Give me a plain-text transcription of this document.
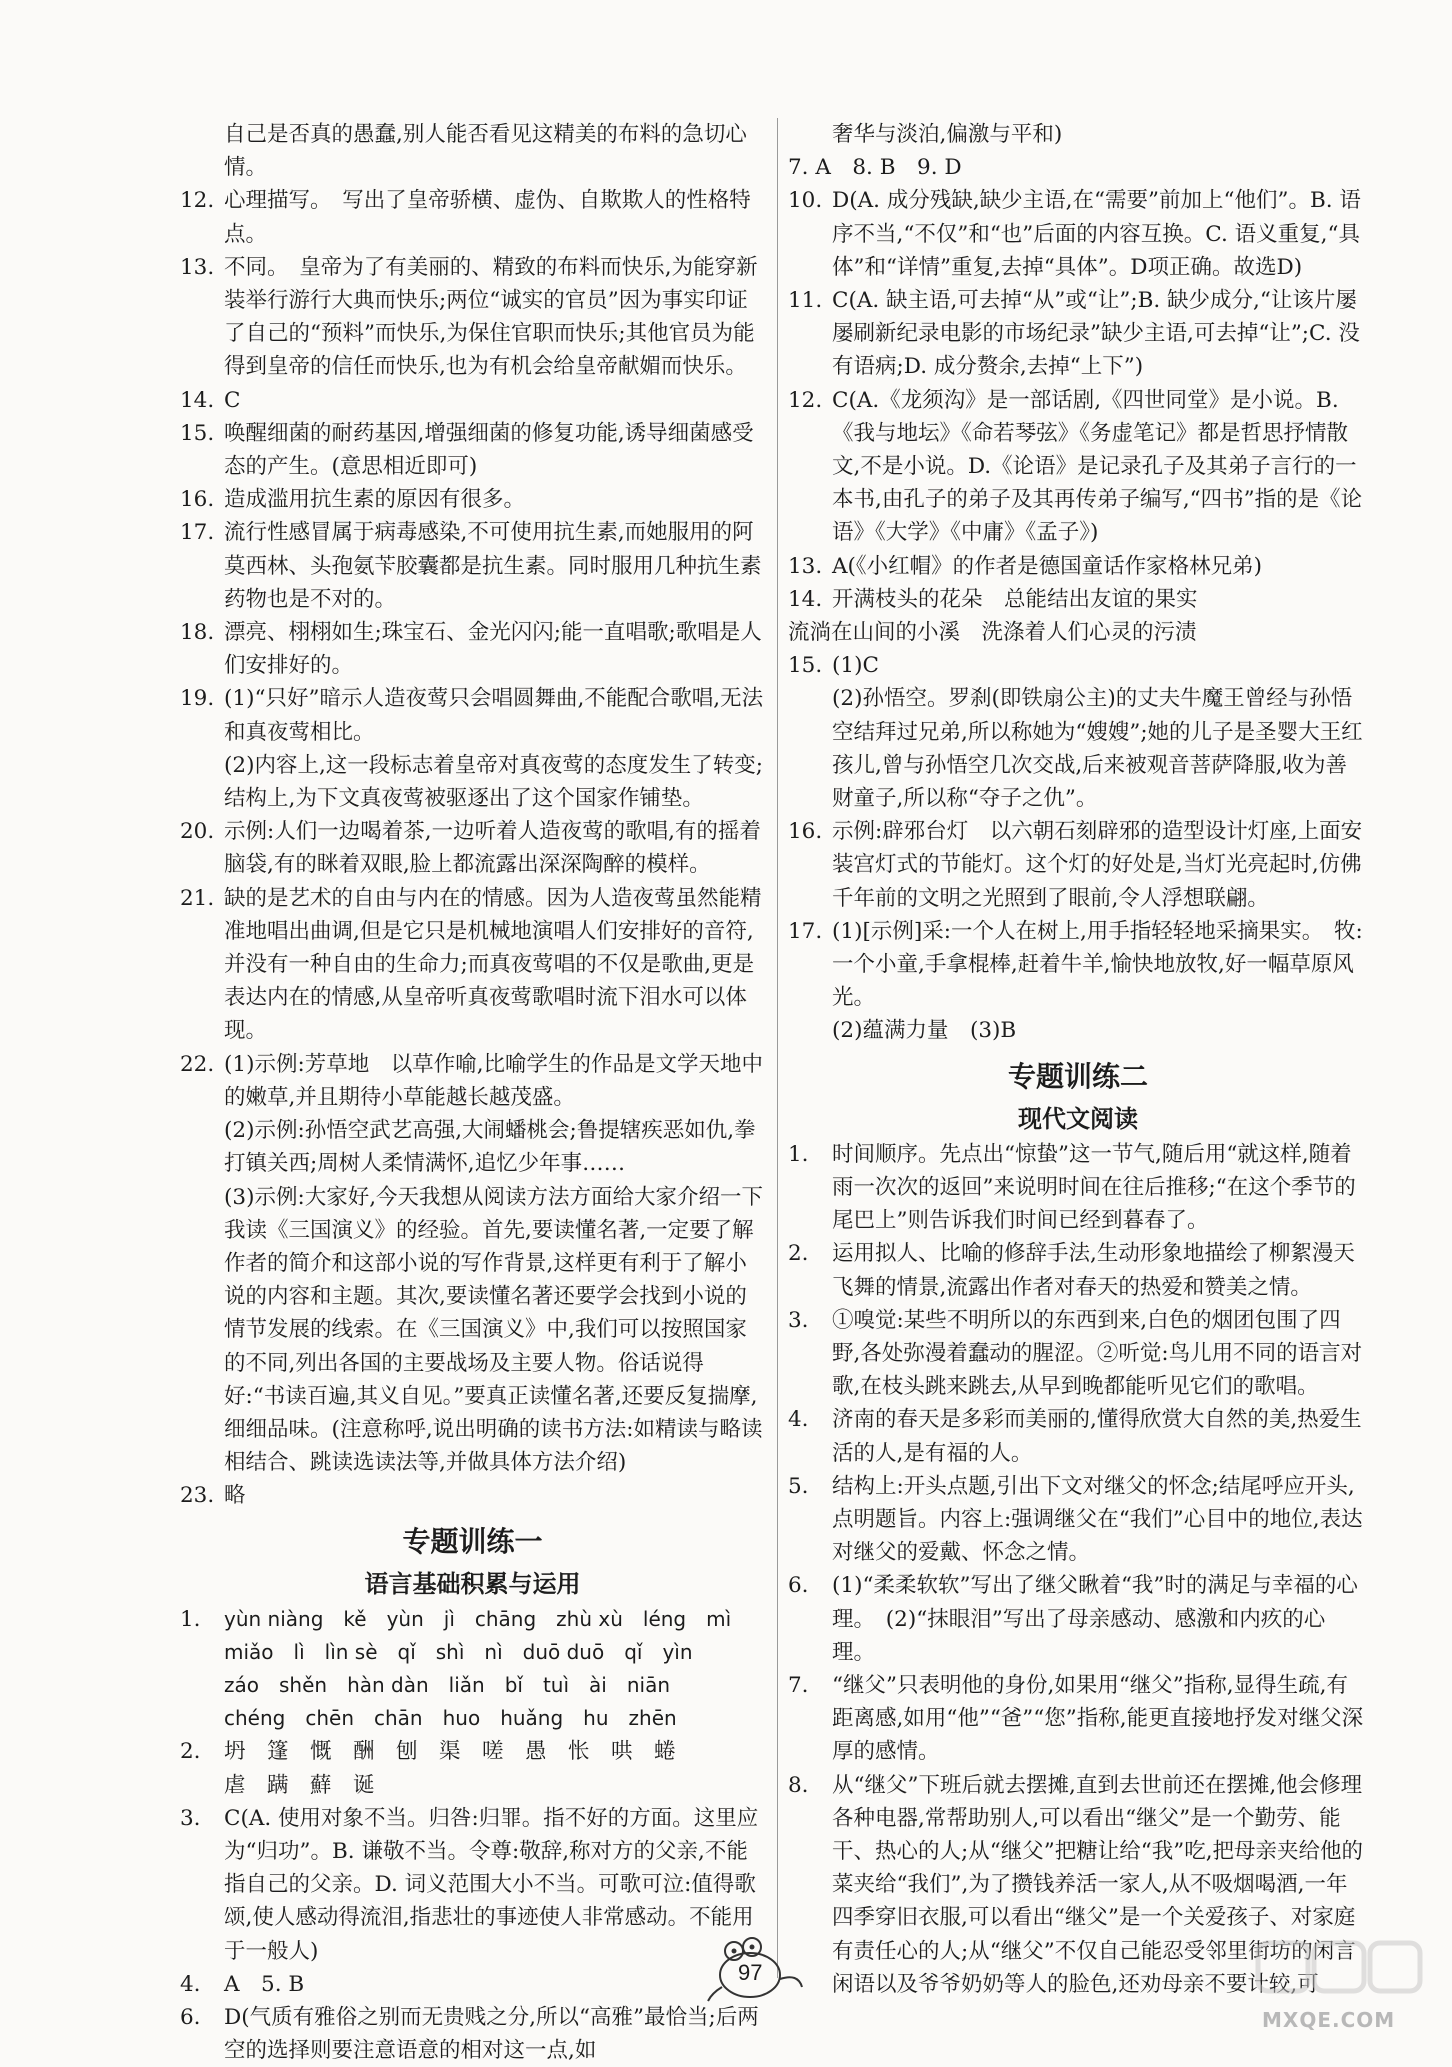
自己是否真的愚蠢,别人能否看见这精美的布料的急切心情。
12. 心理描写。　写出了皇帝骄横、虚伪、自欺欺人的性格特点。
13. 不同。　皇帝为了有美丽的、精致的布料而快乐,为能穿新装举行游行大典而快乐;两位“诚实的官员”因为事实印证了自己的“预料”而快乐,为保住官职而快乐;其他官员为能得到皇帝的信任而快乐,也为有机会给皇帝献媚而快乐。
14. C
15. 唤醒细菌的耐药基因,增强细菌的修复功能,诱导细菌感受态的产生。(意思相近即可)
16. 造成滥用抗生素的原因有很多。
17. 流行性感冒属于病毒感染,不可使用抗生素,而她服用的阿莫西林、头孢氨苄胶囊都是抗生素。同时服用几种抗生素药物也是不对的。
18. 漂亮、栩栩如生;珠宝石、金光闪闪;能一直唱歌;歌唱是人们安排好的。
19. (1)“只好”暗示人造夜莺只会唱圆舞曲,不能配合歌唱,无法和真夜莺相比。
(2)内容上,这一段标志着皇帝对真夜莺的态度发生了转变;结构上,为下文真夜莺被驱逐出了这个国家作铺垫。
20. 示例:人们一边喝着茶,一边听着人造夜莺的歌唱,有的摇着脑袋,有的眯着双眼,脸上都流露出深深陶醉的模样。
21. 缺的是艺术的自由与内在的情感。因为人造夜莺虽然能精准地唱出曲调,但是它只是机械地演唱人们安排好的音符,并没有一种自由的生命力;而真夜莺唱的不仅是歌曲,更是表达内在的情感,从皇帝听真夜莺歌唱时流下泪水可以体现。
22. (1)示例:芳草地　以草作喻,比喻学生的作品是文学天地中的嫩草,并且期待小草能越长越茂盛。
(2)示例:孙悟空武艺高强,大闹蟠桃会;鲁提辖疾恶如仇,拳打镇关西;周树人柔情满怀,追忆少年事……
(3)示例:大家好,今天我想从阅读方法方面给大家介绍一下我读《三国演义》的经验。首先,要读懂名著,一定要了解作者的简介和这部小说的写作背景,这样更有利于了解小说的内容和主题。其次,要读懂名著还要学会找到小说的情节发展的线索。在《三国演义》中,我们可以按照国家的不同,列出各国的主要战场及主要人物。俗话说得好:“书读百遍,其义自见。”要真正读懂名著,还要反复揣摩,细细品味。(注意称呼,说出明确的读书方法:如精读与略读相结合、跳读选读法等,并做具体方法介绍)
23. 略
专题训练一
语言基础积累与运用
1.	yùn niàng　kě　yùn　jì　chāng　zhù xù　léng　mì
miǎo　lì　lìn sè　qǐ　shì　nì　duō duō　qǐ　yìn
záo　shěn　hàn dàn　liǎn　bǐ　tuì　ài　niān
chéng　chēn　chān　huo　huǎng　hu　zhēn
2.	坍　篷　慨　酬　刨　渠　嗟　愚　怅　哄　蜷
虐　蹒　蘚　诞
3.	C(A. 使用对象不当。归咎:归罪。指不好的方面。这里应为“归功”。B. 谦敬不当。令尊:敬辞,称对方的父亲,不能指自己的父亲。D. 词义范围大小不当。可歌可泣:值得歌颂,使人感动得流泪,指悲壮的事迹使人非常感动。不能用于一般人)
4.	A　5. B
6.	D(气质有雅俗之别而无贵贱之分,所以“高雅”最恰当;后两空的选择则要注意语意的相对这一点,如
奢华与淡泊,偏激与平和)
7. A　8. B　9. D
10. D(A. 成分残缺,缺少主语,在“需要”前加上“他们”。B. 语序不当,“不仅”和“也”后面的内容互换。C. 语义重复,“具体”和“详情”重复,去掉“具体”。D项正确。故选D)
11. C(A. 缺主语,可去掉“从”或“让”;B. 缺少成分,“让该片屡屡刷新纪录电影的市场纪录”缺少主语,可去掉“让”;C. 没有语病;D. 成分赘余,去掉“上下”)
12. C(A.《龙须沟》是一部话剧,《四世同堂》是小说。B.《我与地坛》《命若琴弦》《务虚笔记》都是哲思抒情散文,不是小说。D.《论语》是记录孔子及其弟子言行的一本书,由孔子的弟子及其再传弟子编写,“四书”指的是《论语》《大学》《中庸》《孟子》)
13. A(《小红帽》的作者是德国童话作家格林兄弟)
14. 开满枝头的花朵　总能结出友谊的果实
流淌在山间的小溪　洗涤着人们心灵的污渍
15. (1)C
(2)孙悟空。罗刹(即铁扇公主)的丈夫牛魔王曾经与孙悟空结拜过兄弟,所以称她为“嫂嫂”;她的儿子是圣婴大王红孩儿,曾与孙悟空几次交战,后来被观音菩萨降服,收为善财童子,所以称“夺子之仇”。
16. 示例:辟邪台灯　以六朝石刻辟邪的造型设计灯座,上面安装宫灯式的节能灯。这个灯的好处是,当灯光亮起时,仿佛千年前的文明之光照到了眼前,令人浮想联翩。
17. (1)[示例]采:一个人在树上,用手指轻轻地采摘果实。　牧:一个小童,手拿棍棒,赶着牛羊,愉快地放牧,好一幅草原风光。
(2)蕴满力量　(3)B
专题训练二
现代文阅读
1.	时间顺序。先点出“惊蛰”这一节气,随后用“就这样,随着雨一次次的返回”来说明时间在往后推移;“在这个季节的尾巴上”则告诉我们时间已经到暮春了。
2.	运用拟人、比喻的修辞手法,生动形象地描绘了柳絮漫天飞舞的情景,流露出作者对春天的热爱和赞美之情。
3.	①嗅觉:某些不明所以的东西到来,白色的烟团包围了四野,各处弥漫着蠢动的腥涩。②听觉:鸟儿用不同的语言对歌,在枝头跳来跳去,从早到晚都能听见它们的歌唱。
4.	济南的春天是多彩而美丽的,懂得欣赏大自然的美,热爱生活的人,是有福的人。
5.	结构上:开头点题,引出下文对继父的怀念;结尾呼应开头,点明题旨。内容上:强调继父在“我们”心目中的地位,表达对继父的爱戴、怀念之情。
6.	(1)“柔柔软软”写出了继父瞅着“我”时的满足与幸福的心理。　(2)“抹眼泪”写出了母亲感动、感激和内疚的心理。
7.	“继父”只表明他的身份,如果用“继父”指称,显得生疏,有距离感,如用“他”“爸”“您”指称,能更直接地抒发对继父深厚的感情。
8.	从“继父”下班后就去摆摊,直到去世前还在摆摊,他会修理各种电器,常帮助别人,可以看出“继父”是一个勤劳、能干、热心的人;从“继父”把糖让给“我”吃,把母亲夹给他的菜夹给“我们”,为了攒钱养活一家人,从不吸烟喝酒,一年四季穿旧衣服,可以看出“继父”是一个关爱孩子、对家庭有责任心的人;从“继父”不仅自己能忍受邻里街坊的闲言闲语以及爷爷奶奶等人的脸色,还劝母亲不要计较,可
97
MXQE.COM
